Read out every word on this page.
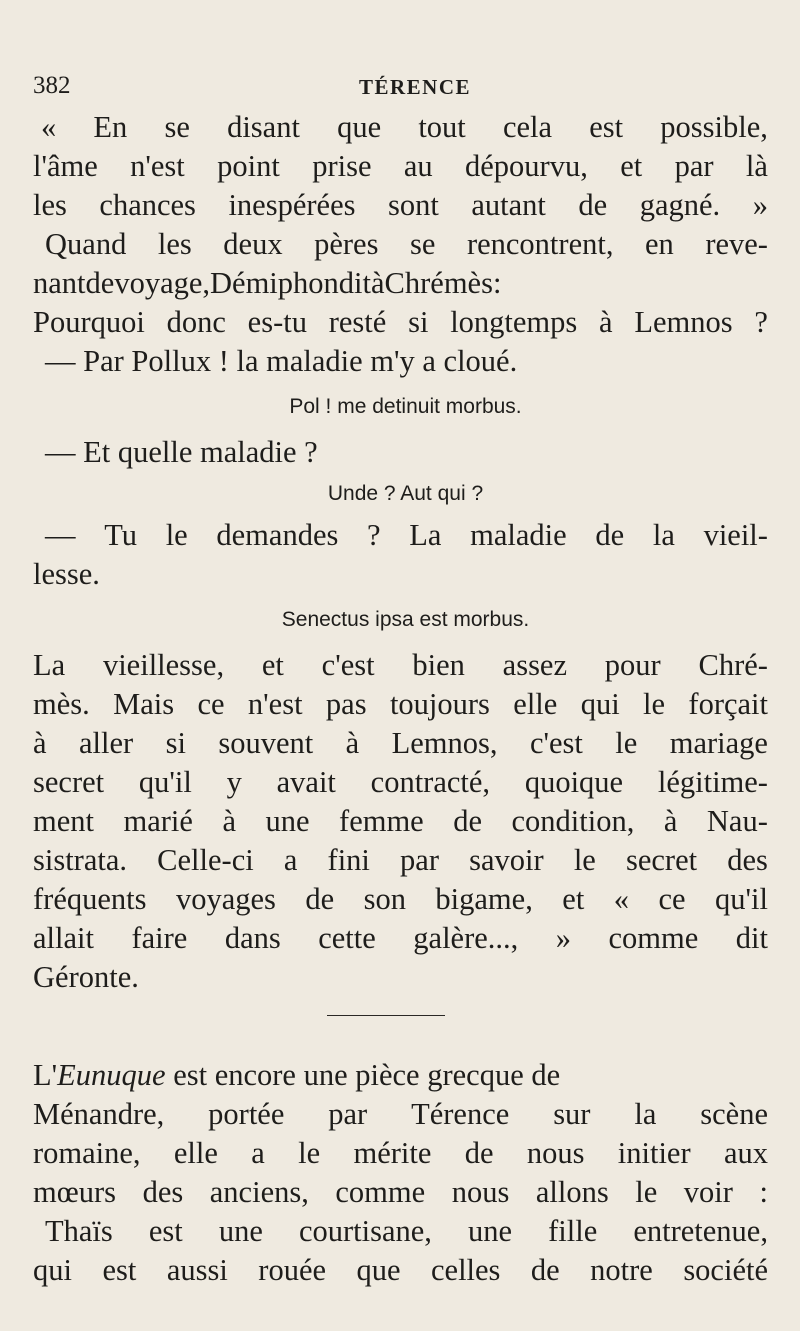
382	TÉRENCE
« En se disant que tout cela est possible,
l'âme n'est point prise au dépourvu, et par là
les chances inespérées sont autant de gagné. »
Quand les deux pères se rencontrent, en reve-
nant de voyage, Démiphon dit à Chrémès :
Pourquoi donc es-tu resté si longtemps à Lemnos ?
— Par Pollux ! la maladie m'y a cloué.
Pol ! me detinuit morbus.
— Et quelle maladie ?
Unde ? Aut qui ?
— Tu le demandes ? La maladie de la vieil-
lesse.
Senectus ipsa est morbus.
La vieillesse, et c'est bien assez pour Chré-
mès. Mais ce n'est pas toujours elle qui le forçait
à aller si souvent à Lemnos, c'est le mariage
secret qu'il y avait contracté, quoique légitime-
ment marié à une femme de condition, à Nau-
sistrata. Celle-ci a fini par savoir le secret des
fréquents voyages de son bigame, et « ce qu'il
allait faire dans cette galère..., » comme dit
Géronte.
L'Eunuque est encore une pièce grecque de
Ménandre, portée par Térence sur la scène
romaine, elle a le mérite de nous initier aux
mœurs des anciens, comme nous allons le voir :
Thaïs est une courtisane, une fille entretenue,
qui est aussi rouée que celles de notre société
